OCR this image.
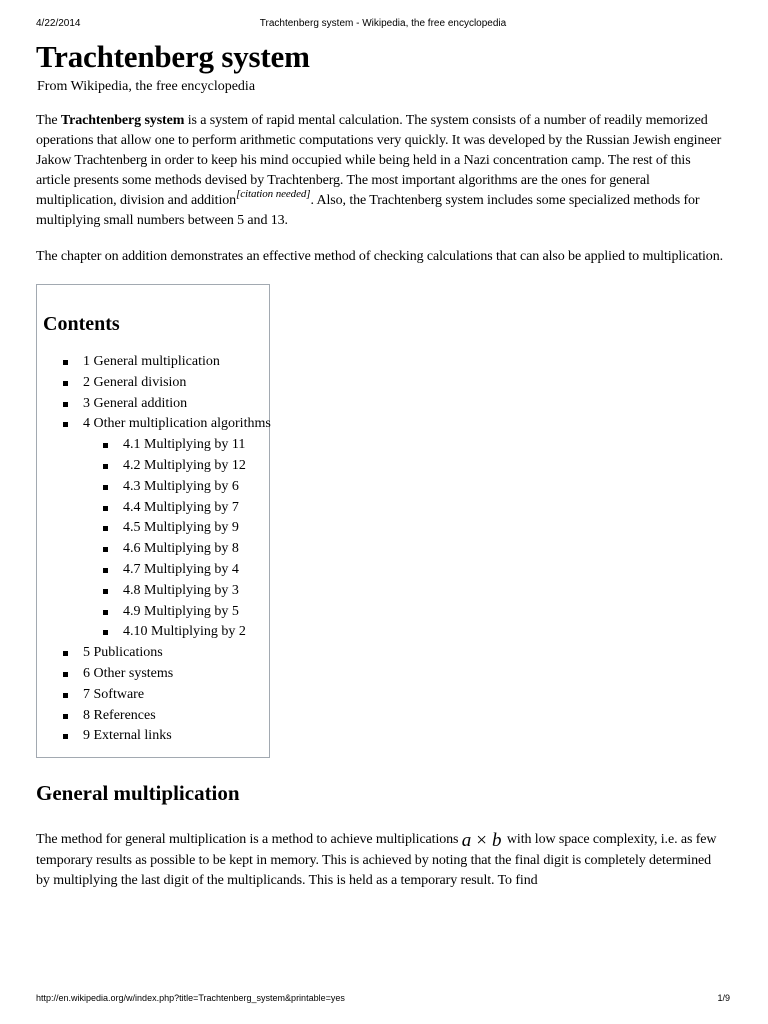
4/22/2014	Trachtenberg system - Wikipedia, the free encyclopedia
Trachtenberg system
From Wikipedia, the free encyclopedia

The Trachtenberg system is a system of rapid mental calculation. The system consists of a number of readily memorized operations that allow one to perform arithmetic computations very quickly. It was developed by the Russian Jewish engineer Jakow Trachtenberg in order to keep his mind occupied while being held in a Nazi concentration camp. The rest of this article presents some methods devised by Trachtenberg. The most important algorithms are the ones for general multiplication, division and addition[citation needed]. Also, the Trachtenberg system includes some specialized methods for multiplying small numbers between 5 and 13.

The chapter on addition demonstrates an effective method of checking calculations that can also be applied to multiplication.

Contents
1 General multiplication
2 General division
3 General addition
4 Other multiplication algorithms
4.1 Multiplying by 11
4.2 Multiplying by 12
4.3 Multiplying by 6
4.4 Multiplying by 7
4.5 Multiplying by 9
4.6 Multiplying by 8
4.7 Multiplying by 4
4.8 Multiplying by 3
4.9 Multiplying by 5
4.10 Multiplying by 2
5 Publications
6 Other systems
7 Software
8 References
9 External links
General multiplication

The method for general multiplication is a method to achieve multiplications a × b with low space complexity, i.e. as few temporary results as possible to be kept in memory. This is achieved by noting that the final digit is completely determined by multiplying the last digit of the multiplicands. This is held as a temporary result. To find

http://en.wikipedia.org/w/index.php?title=Trachtenberg_system&printable=yes	1/9
